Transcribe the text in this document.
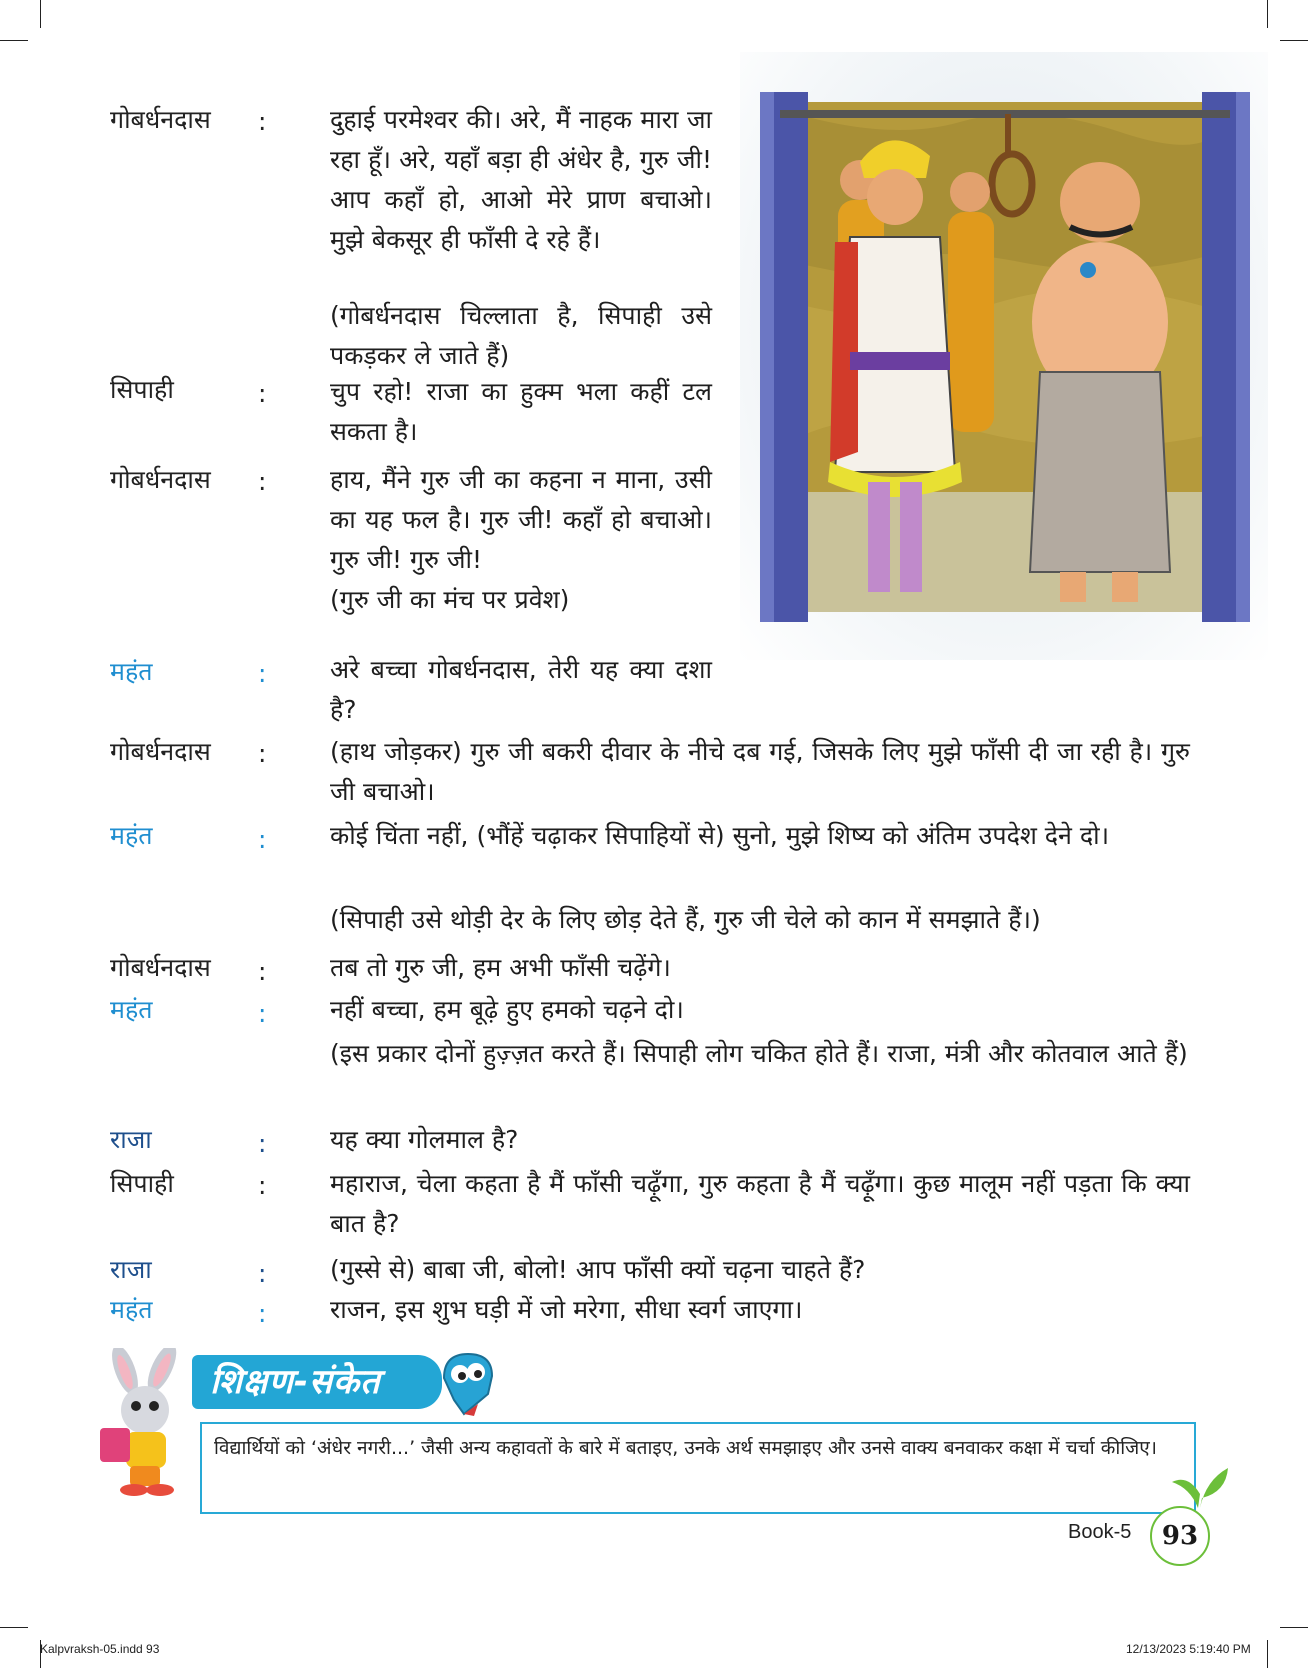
गोबर्धनदास :	दुहाई परमेश्वर की। अरे, मैं नाहक मारा जा रहा हूँ। अरे, यहाँ बड़ा ही अंधेर है, गुरु जी! आप कहाँ हो, आओ मेरे प्राण बचाओ। मुझे बेकसूर ही फाँसी दे रहे हैं।
(गोबर्धनदास चिल्लाता है, सिपाही उसे पकड़कर ले जाते हैं)
सिपाही	:	चुप रहो! राजा का हुक्म भला कहीं टल सकता है।
गोबर्धनदास :	हाय, मैंने गुरु जी का कहना न माना, उसी का यह फल है। गुरु जी! कहाँ हो बचाओ। गुरु जी! गुरु जी!
(गुरु जी का मंच पर प्रवेश)
महंत	:	अरे बच्चा गोबर्धनदास, तेरी यह क्या दशा है?
गोबर्धनदास :	(हाथ जोड़कर) गुरु जी बकरी दीवार के नीचे दब गई, जिसके लिए मुझे फाँसी दी जा रही है। गुरु जी बचाओ।
महंत	:	कोई चिंता नहीं, (भौंहें चढ़ाकर सिपाहियों से) सुनो, मुझे शिष्य को अंतिम उपदेश देने दो।
(सिपाही उसे थोड़ी देर के लिए छोड़ देते हैं, गुरु जी चेले को कान में समझाते हैं।)
गोबर्धनदास :	तब तो गुरु जी, हम अभी फाँसी चढ़ेंगे।
महंत	:	नहीं बच्चा, हम बूढ़े हुए हमको चढ़ने दो।
(इस प्रकार दोनों हुज़्ज़त करते हैं। सिपाही लोग चकित होते हैं। राजा, मंत्री और कोतवाल आते हैं)
राजा	:	यह क्या गोलमाल है?
सिपाही	:	महाराज, चेला कहता है मैं फाँसी चढ़ूँगा, गुरु कहता है मैं चढ़ूँगा। कुछ मालूम नहीं पड़ता कि क्या बात है?
राजा	:	(गुस्से से) बाबा जी, बोलो! आप फाँसी क्यों चढ़ना चाहते हैं?
महंत	:	राजन, इस शुभ घड़ी में जो मरेगा, सीधा स्वर्ग जाएगा।
शिक्षण-संकेत
विद्यार्थियों को ‘अंधेर नगरी...’ जैसी अन्य कहावतों के बारे में बताइए, उनके अर्थ समझाइए और उनसे वाक्य बनवाकर कक्षा में चर्चा कीजिए।
Book-5	93
Kalpvraksh-05.indd 93	12/13/2023 5:19:40 PM
